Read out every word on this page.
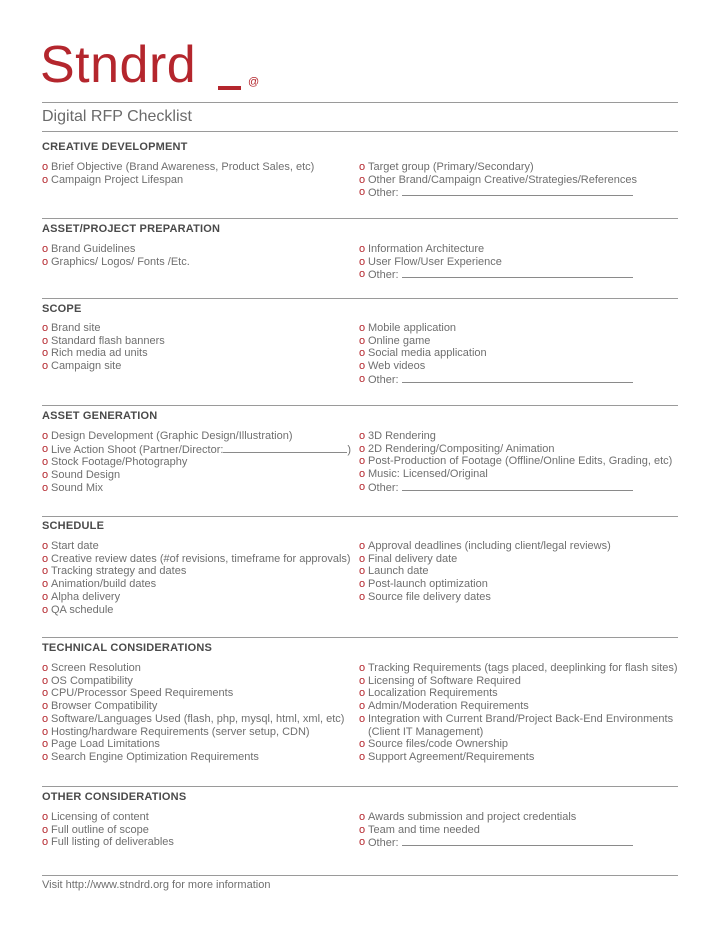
Stndrd	@
Digital RFP Checklist
CREATIVE DEVELOPMENT
o Brief Objective (Brand Awareness, Product Sales, etc)
o Campaign Project Lifespan
o Target group (Primary/Secondary)
o Other Brand/Campaign Creative/Strategies/References
o Other:
ASSET/PROJECT PREPARATION
o Brand Guidelines
o Graphics/ Logos/ Fonts /Etc.
o Information Architecture
o User Flow/User Experience
o Other:
SCOPE
o Brand site
o Standard flash banners
o Rich media ad units
o Campaign site
o Mobile application
o Online game
o Social media application
o Web videos
o Other:
ASSET GENERATION
o Design Development (Graphic Design/Illustration)
o Live Action Shoot (Partner/Director:	)
o Stock Footage/Photography
o Sound Design
o Sound Mix
o 3D Rendering
o 2D Rendering/Compositing/ Animation
o Post-Production of Footage (Offline/Online Edits, Grading, etc)
o Music: Licensed/Original
o Other:
SCHEDULE
o Start date
o Creative review dates (#of revisions, timeframe for approvals)
o Tracking strategy and dates
o Animation/build dates
o Alpha delivery
o QA schedule
o Approval deadlines (including client/legal reviews)
o Final delivery date
o Launch date
o Post-launch optimization
o Source file delivery dates
TECHNICAL CONSIDERATIONS
o Screen Resolution
o OS Compatibility
o CPU/Processor Speed Requirements
o Browser Compatibility
o Software/Languages Used (flash, php, mysql, html, xml, etc)
o Hosting/hardware Requirements (server setup, CDN)
o Page Load Limitations
o Search Engine Optimization Requirements
o Tracking Requirements (tags placed, deeplinking for flash sites)
o Licensing of Software Required
o Localization Requirements
o Admin/Moderation Requirements
o Integration with Current Brand/Project Back-End Environments
(Client IT Management)
o Source files/code Ownership
o Support Agreement/Requirements
OTHER CONSIDERATIONS
o Licensing of content
o Full outline of scope
o Full listing of deliverables
o Awards submission and project credentials
o Team and time needed
o Other:
Visit http://www.stndrd.org for more information
